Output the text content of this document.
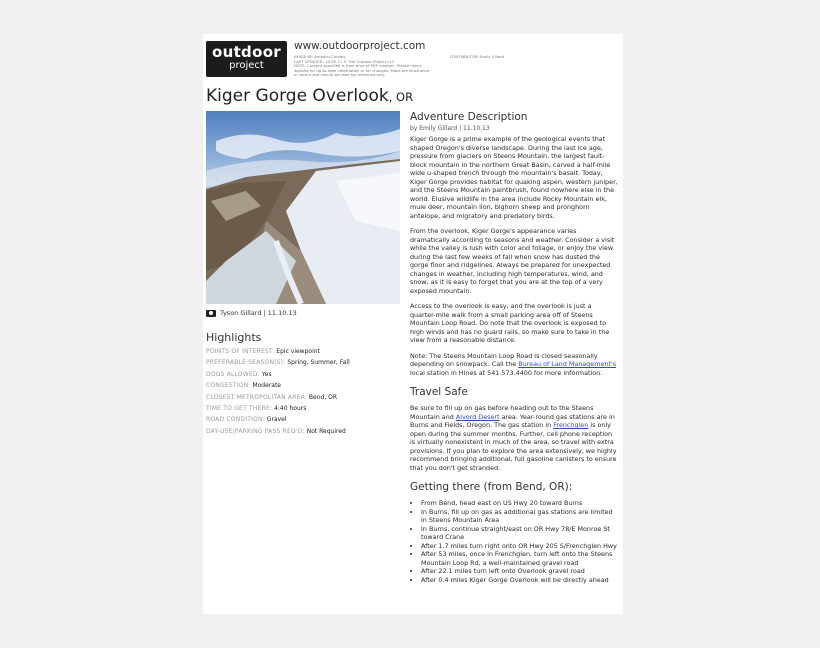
outdoor
project
www.outdoorproject.com
IMAGE BY: Amadou Condey	CONTRIBUTOR: Emily Gillard
LAST UPDATED: 10.09.17 © The Outdoor Project LLC
NOTE: Content specified is from time of PDF creation. Please check
website for up-to-date information or for changes. Maps are illustrative
in nature and should be used for reference only.
Kiger Gorge Overlook, OR
Tyson Gillard | 11.10.13
Highlights
POINTS OF INTEREST: Epic viewpoint
PREFERABLE SEASON(S): Spring, Summer, Fall
DOGS ALLOWED: Yes
CONGESTION: Moderate
CLOSEST METROPOLITAN AREA: Bend, OR
TIME TO GET THERE: 4:40 hours
ROAD CONDITION: Gravel
DAY-USE/PARKING PASS REQ'D: Not Required
Adventure Description
by Emily Gillard | 11.10.13

Kiger Gorge is a prime example of the geological events that shaped Oregon's diverse landscape. During the last ice age, pressure from glaciers on Steens Mountain, the largest fault-block mountain in the northern Great Basin, carved a half-mile wide u-shaped trench through the mountain's basalt. Today, Kiger Gorge provides habitat for quaking aspen, western juniper, and the Steens Mountain paintbrush, found nowhere else in the world. Elusive wildlife in the area include Rocky Mountain elk, mule deer, mountain lion, bighorn sheep and pronghorn antelope, and migratory and predatory birds.

From the overlook, Kiger Gorge's appearance varies dramatically according to seasons and weather. Consider a visit while the valley is lush with color and foliage, or enjoy the view during the last few weeks of fall when snow has dusted the gorge floor and ridgelines. Always be prepared for unexpected changes in weather, including high temperatures, wind, and snow, as it is easy to forget that you are at the top of a very exposed mountain.

Access to the overlook is easy, and the overlook is just a quarter-mile walk from a small parking area off of Steens Mountain Loop Road. Do note that the overlook is exposed to high winds and has no guard rails, so make sure to take in the view from a reasonable distance.

Note: The Steens Mountain Loop Road is closed seasonally depending on snowpack. Call the Bureau of Land Management's local station in Hines at 541.573.4400 for more information.

Travel Safe

Be sure to fill up on gas before heading out to the Steens Mountain and Alvord Desert area. Year-round gas stations are in Burns and Fields, Oregon. The gas station in Frenchglen is only open during the summer months. Further, cell phone reception is virtually nonexistent in much of the area, so travel with extra provisions. If you plan to explore the area extensively, we highly recommend bringing additional, full gasoline canisters to ensure that you don't get stranded.

Getting there (from Bend, OR):
• From Bend, head east on US Hwy 20 toward Burns
• In Burns, fill up on gas as additional gas stations are limited in Steens Mountain Area
• In Burns, continue straight/east on OR Hwy 78/E Monroe St toward Crane
• After 1.7 miles turn right onto OR Hwy 205 S/Frenchglen Hwy
• After 53 miles, once in Frenchglen, turn left onto the Steens Mountain Loop Rd, a well-maintained gravel road
• After 22.1 miles turn left onto Overlook gravel road
• After 0.4 miles Kiger Gorge Overlook will be directly ahead
